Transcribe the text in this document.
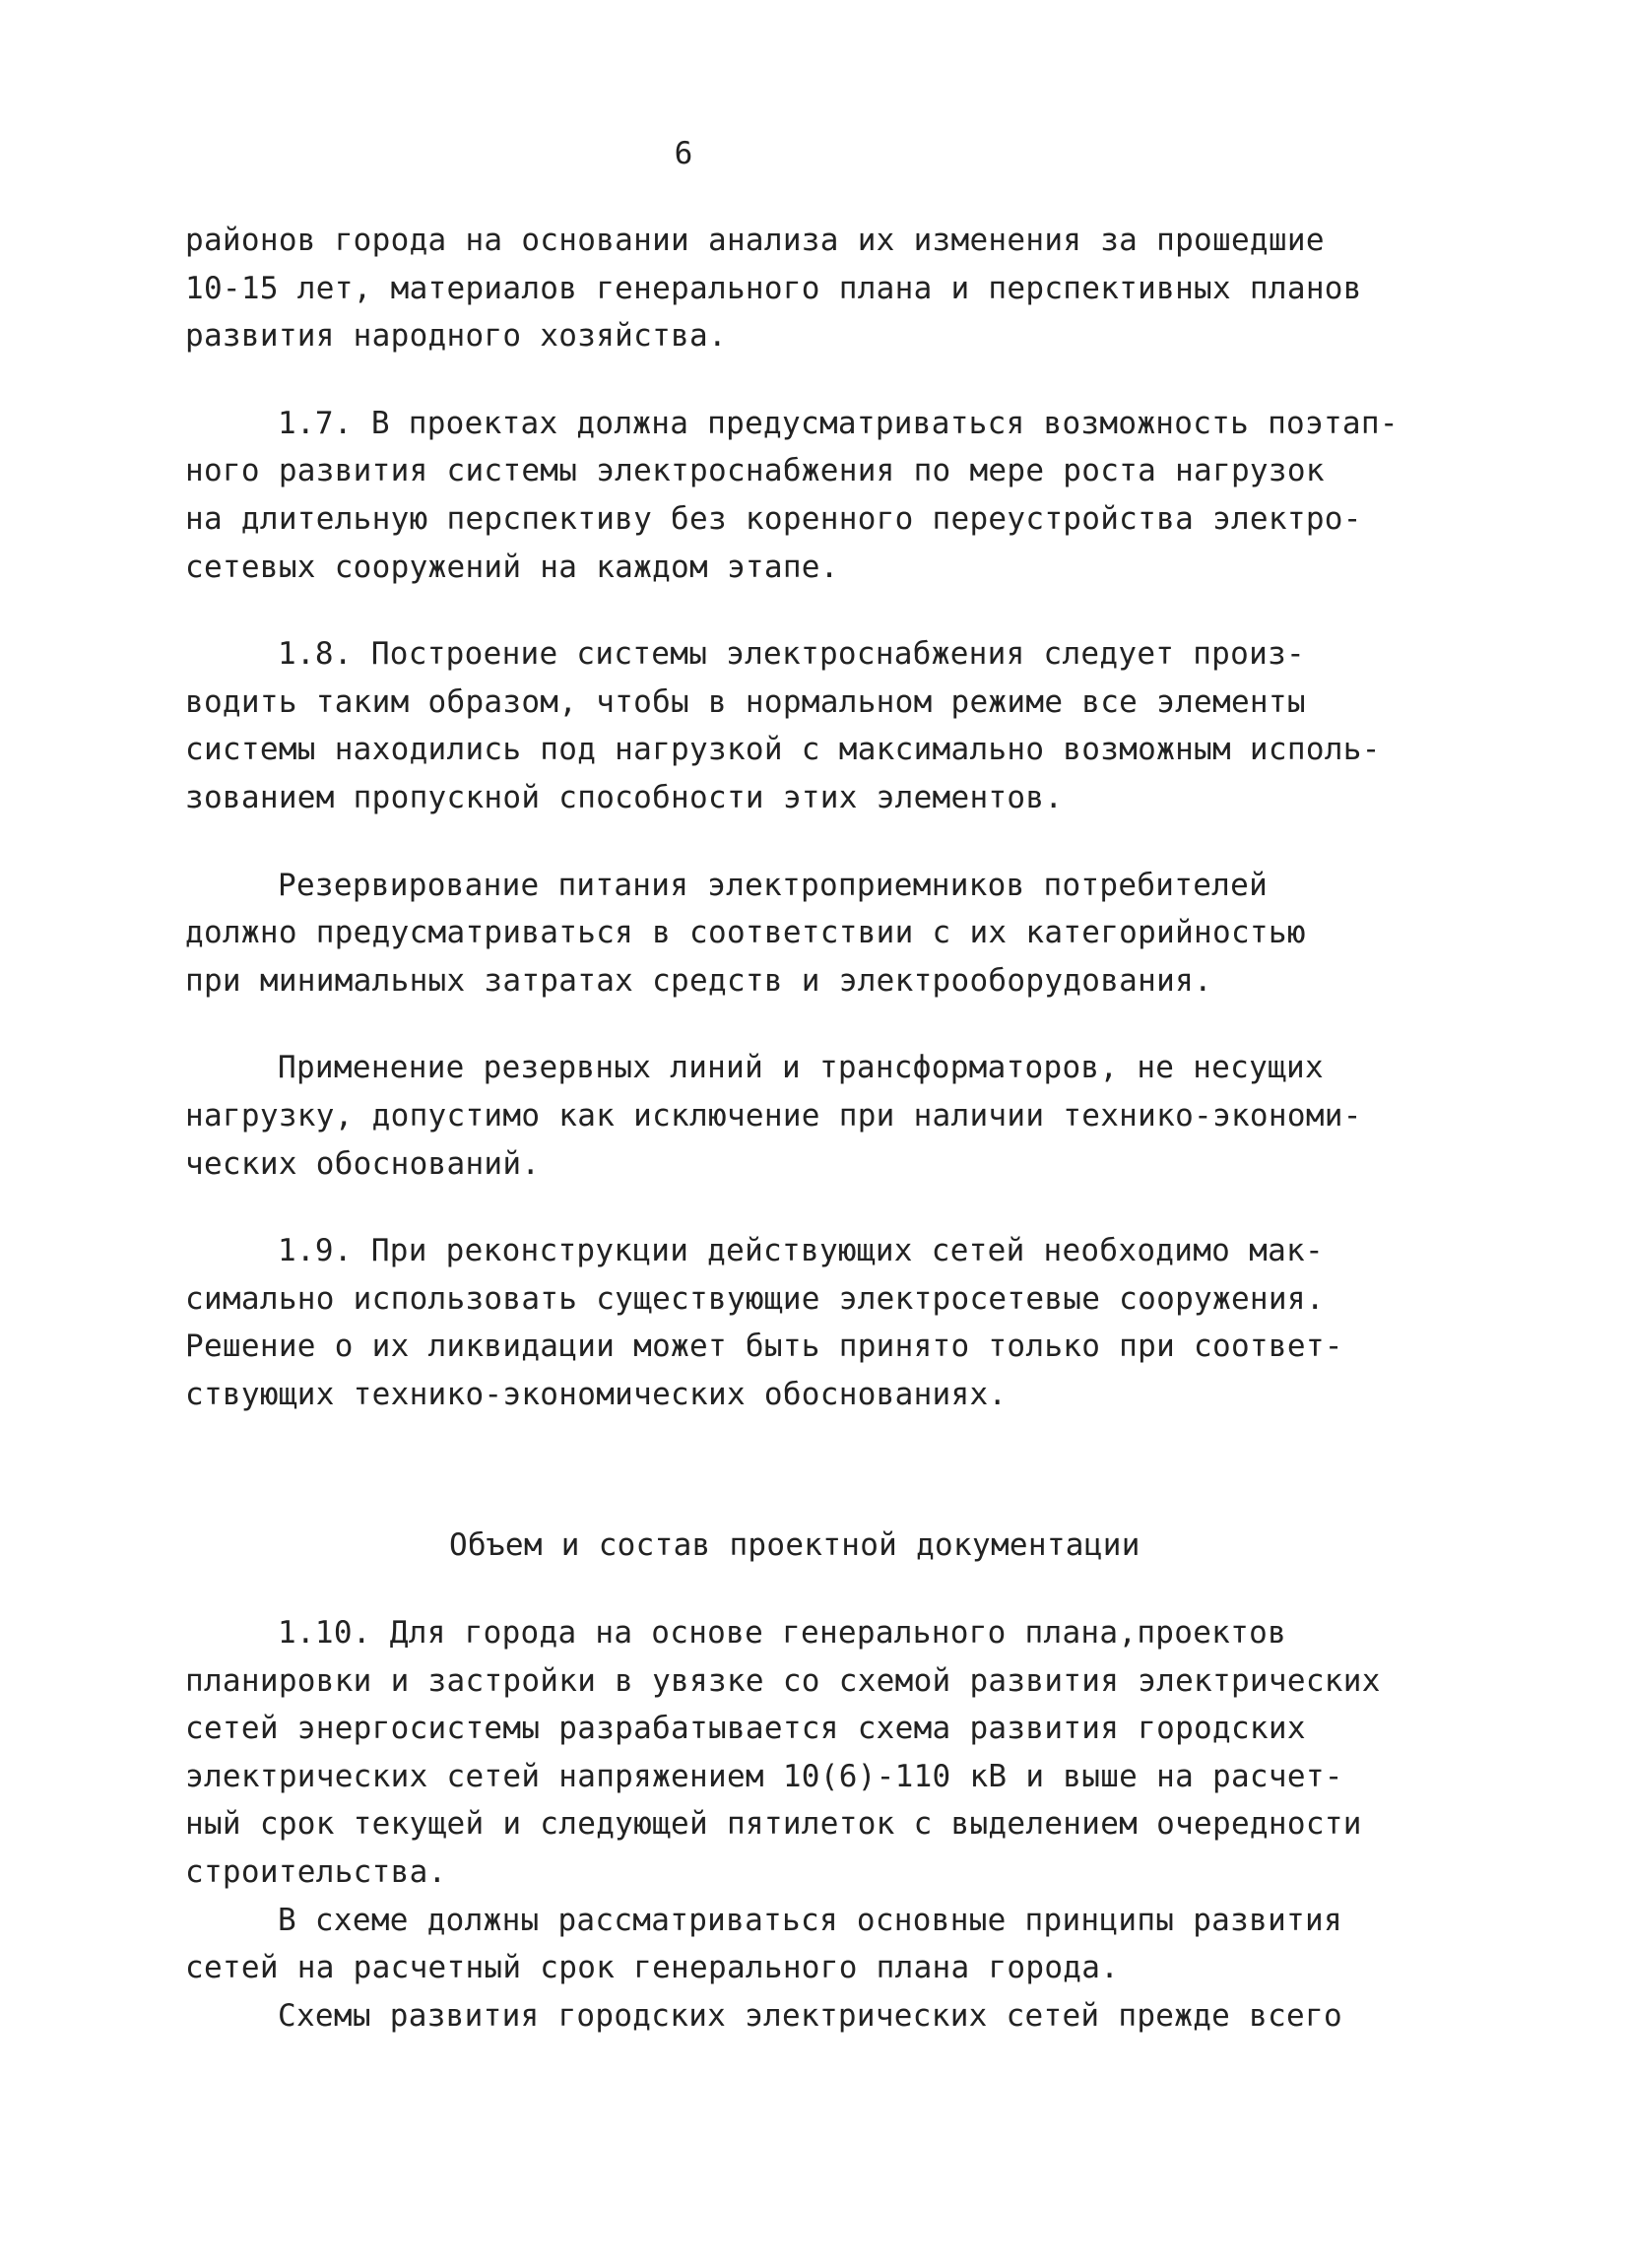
6
районов города на основании анализа их изменения за прошедшие
10-15 лет, материалов генерального плана и перспективных планов
развития народного хозяйства.
1.7. В проектах должна предусматриваться возможность поэтап-
ного развития системы электроснабжения по мере роста нагрузок
на длительную перспективу без коренного переустройства электро-
сетевых сооружений на каждом этапе.
1.8. Построение системы электроснабжения следует произ-
водить таким образом, чтобы в нормальном режиме все элементы
системы находились под нагрузкой с максимально возможным исполь-
зованием пропускной способности этих элементов.
Резервирование питания электроприемников потребителей
должно предусматриваться в соответствии с их категорийностью
при минимальных затратах средств и электрооборудования.
Применение резервных линий и трансформаторов, не несущих
нагрузку, допустимо как исключение при наличии технико-экономи-
ческих обоснований.
1.9. При реконструкции действующих сетей необходимо мак-
симально использовать существующие электросетевые сооружения.
Решение о их ликвидации может быть принято только при соответ-
ствующих технико-экономических обоснованиях.
Объем и состав проектной документации
1.10. Для города на основе генерального плана,проектов
планировки и застройки в увязке со схемой развития электрических
сетей энергосистемы разрабатывается схема развития городских
электрических сетей напряжением 10(6)-110 кВ и выше на расчет-
ный срок текущей и следующей пятилеток с выделением очередности
строительства.
В схеме должны рассматриваться основные принципы развития
сетей на расчетный срок генерального плана города.
Схемы развития городских электрических сетей прежде всего
